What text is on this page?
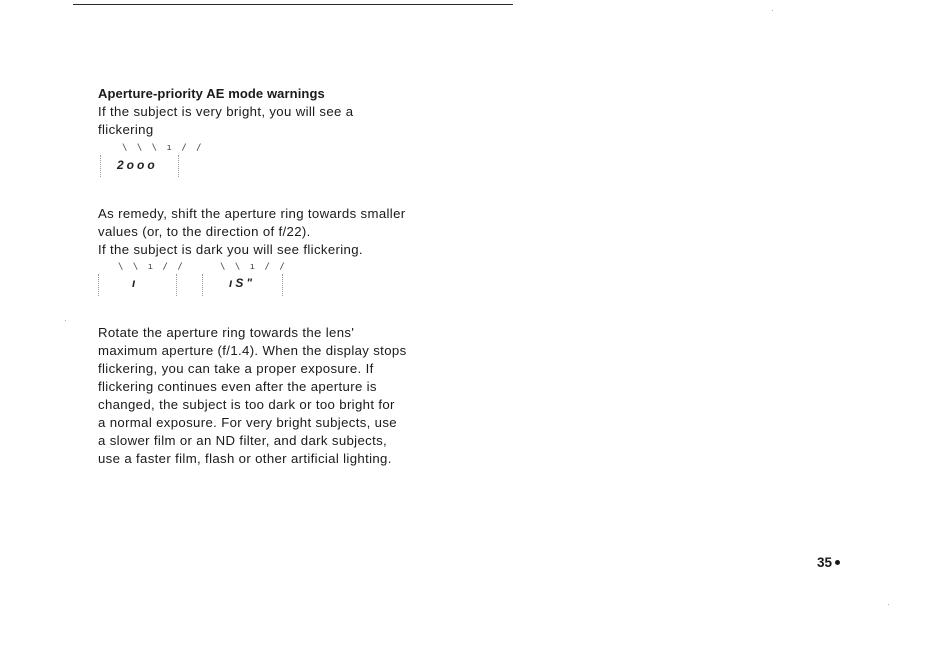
Aperture-priority AE mode warnings

If the subject is very bright, you will see a
flickering

\ \ \ ı / /
2ooo

As remedy, shift the aperture ring towards smaller
values (or, to the direction of f/22).
If the subject is dark you will see flickering.

\ \ ı / /
ı
\ \ ı / /
ıS"

Rotate the aperture ring towards the lens'
maximum aperture (f/1.4). When the display stops
flickering, you can take a proper exposure. If
flickering continues even after the aperture is
changed, the subject is too dark or too bright for
a normal exposure. For very bright subjects, use
a slower film or an ND filter, and dark subjects,
use a faster film, flash or other artificial lighting.

35
